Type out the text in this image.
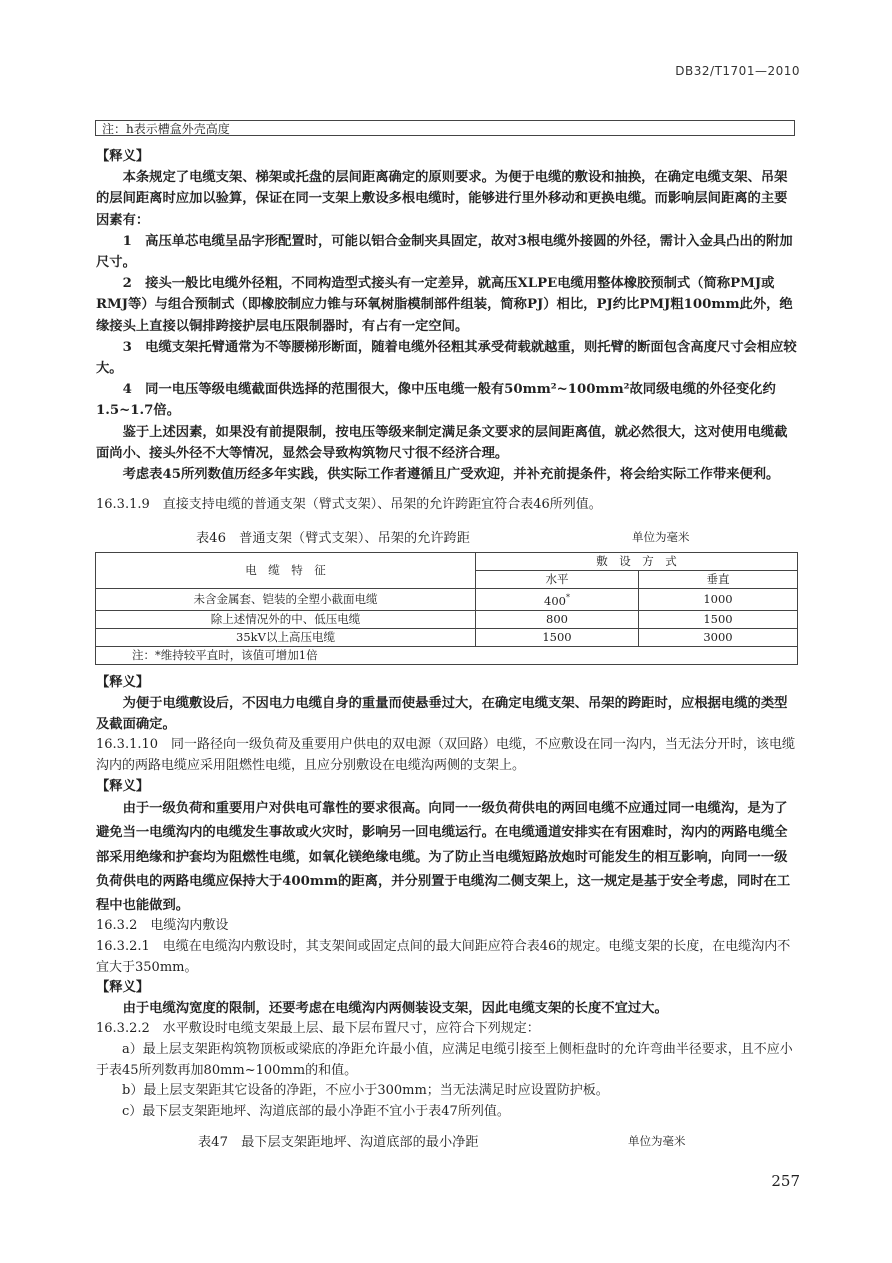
DB32/T1701—2010
注：h表示槽盒外壳高度

【释义】

本条规定了电缆支架、梯架或托盘的层间距离确定的原则要求。为便于电缆的敷设和抽换，在确定电缆支架、吊架的层间距离时应加以验算，保证在同一支架上敷设多根电缆时，能够进行里外移动和更换电缆。而影响层间距离的主要因素有：

1　高压单芯电缆呈品字形配置时，可能以铝合金制夹具固定，故对3根电缆外接圆的外径，需计入金具凸出的附加尺寸。

2　接头一般比电缆外径粗，不同构造型式接头有一定差异，就高压XLPE电缆用整体橡胶预制式（简称PMJ或RMJ等）与组合预制式（即橡胶制应力锥与环氧树脂模制部件组装，简称PJ）相比，PJ约比PMJ粗100mm此外，绝缘接头上直接以铜排跨接护层电压限制器时，有占有一定空间。

3　电缆支架托臂通常为不等腰梯形断面，随着电缆外径粗其承受荷载就越重，则托臂的断面包含高度尺寸会相应较大。

4　同一电压等级电缆截面供选择的范围很大，像中压电缆一般有50mm²~100mm²故同级电缆的外径变化约1.5~1.7倍。

鉴于上述因素，如果没有前提限制，按电压等级来制定满足条文要求的层间距离值，就必然很大，这对使用电缆截面尚小、接头外径不大等情况，显然会导致构筑物尺寸很不经济合理。

考虑表45所列数值历经多年实践，供实际工作者遵循且广受欢迎，并补充前提条件，将会给实际工作带来便利。

16.3.1.9　直接支持电缆的普通支架（臂式支架）、吊架的允许跨距宜符合表46所列值。
表46　普通支架（臂式支架）、吊架的允许跨距	单位为毫米
电　缆　特　征	敷　设　方　式	
	水平	垂直
未含金属套、铠装的全塑小截面电缆	400*	1000
除上述情况外的中、低压电缆	800	1500
35kV以上高压电缆	1500	3000
注：*维持较平直时，该值可增加1倍		

【释义】

为便于电缆敷设后，不因电力电缆自身的重量而使悬垂过大，在确定电缆支架、吊架的跨距时，应根据电缆的类型及截面确定。

16.3.1.10　同一路径向一级负荷及重要用户供电的双电源（双回路）电缆，不应敷设在同一沟内，当无法分开时，该电缆沟内的两路电缆应采用阻燃性电缆，且应分别敷设在电缆沟两侧的支架上。

【释义】

由于一级负荷和重要用户对供电可靠性的要求很高。向同一一级负荷供电的两回电缆不应通过同一电缆沟，是为了避免当一电缆沟内的电缆发生事故或火灾时，影响另一回电缆运行。在电缆通道安排实在有困难时，沟内的两路电缆全部采用绝缘和护套均为阻燃性电缆，如氧化镁绝缘电缆。为了防止当电缆短路放炮时可能发生的相互影响，向同一一级负荷供电的两路电缆应保持大于400mm的距离，并分别置于电缆沟二侧支架上，这一规定是基于安全考虑，同时在工程中也能做到。

16.3.2　电缆沟内敷设
16.3.2.1　电缆在电缆沟内敷设时，其支架间或固定点间的最大间距应符合表46的规定。电缆支架的长度，在电缆沟内不宜大于350mm。

【释义】

由于电缆沟宽度的限制，还要考虑在电缆沟内两侧装设支架，因此电缆支架的长度不宜过大。

16.3.2.2　水平敷设时电缆支架最上层、最下层布置尺寸，应符合下列规定：

a）最上层支架距构筑物顶板或梁底的净距允许最小值，应满足电缆引接至上侧柜盘时的允许弯曲半径要求，且不应小于表45所列数再加80mm~100mm的和值。

b）最上层支架距其它设备的净距，不应小于300mm；当无法满足时应设置防护板。

c）最下层支架距地坪、沟道底部的最小净距不宜小于表47所列值。

表47　最下层支架距地坪、沟道底部的最小净距	单位为毫米
257
